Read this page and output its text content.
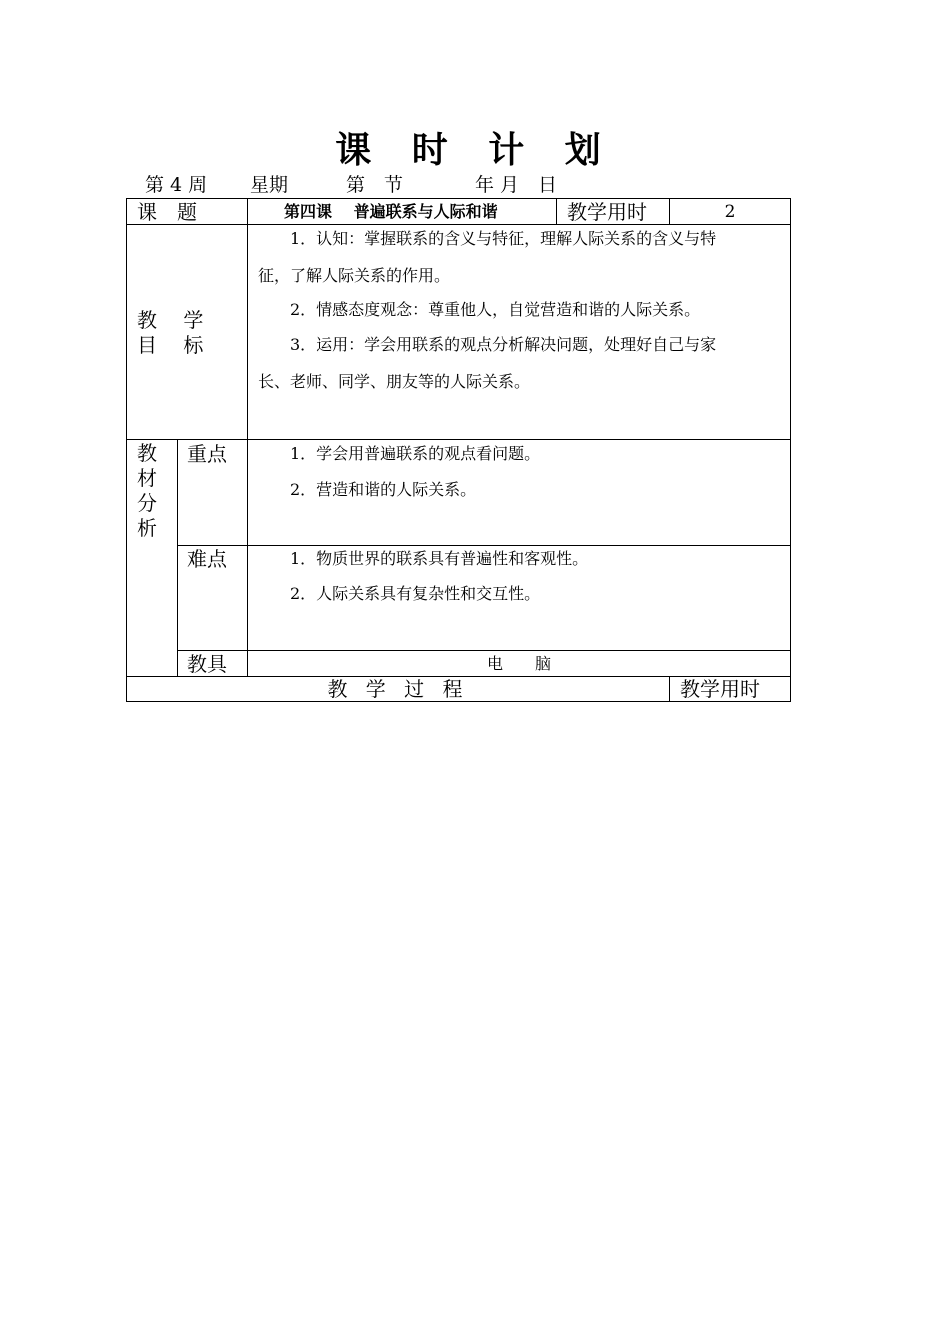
课 时 计 划
第 4 周 星期	第　节	年 月　日
课　题	第四课　 普遍联系与人际和谐	教学用时	2
教　 学
目　 标
1．认知：掌握联系的含义与特征，理解人际关系的含义与特
征，了解人际关系的作用。
2．情感态度观念：尊重他人，自觉营造和谐的人际关系。
3．运用：学会用联系的观点分析解决问题，处理好自己与家
长、老师、同学、朋友等的人际关系。
教材分析
重点	1．学会用普遍联系的观点看问题。
2．营造和谐的人际关系。
难点	1．物质世界的联系具有普遍性和客观性。
2．人际关系具有复杂性和交互性。
教具	电　　脑
教 学 过 程	教学用时
